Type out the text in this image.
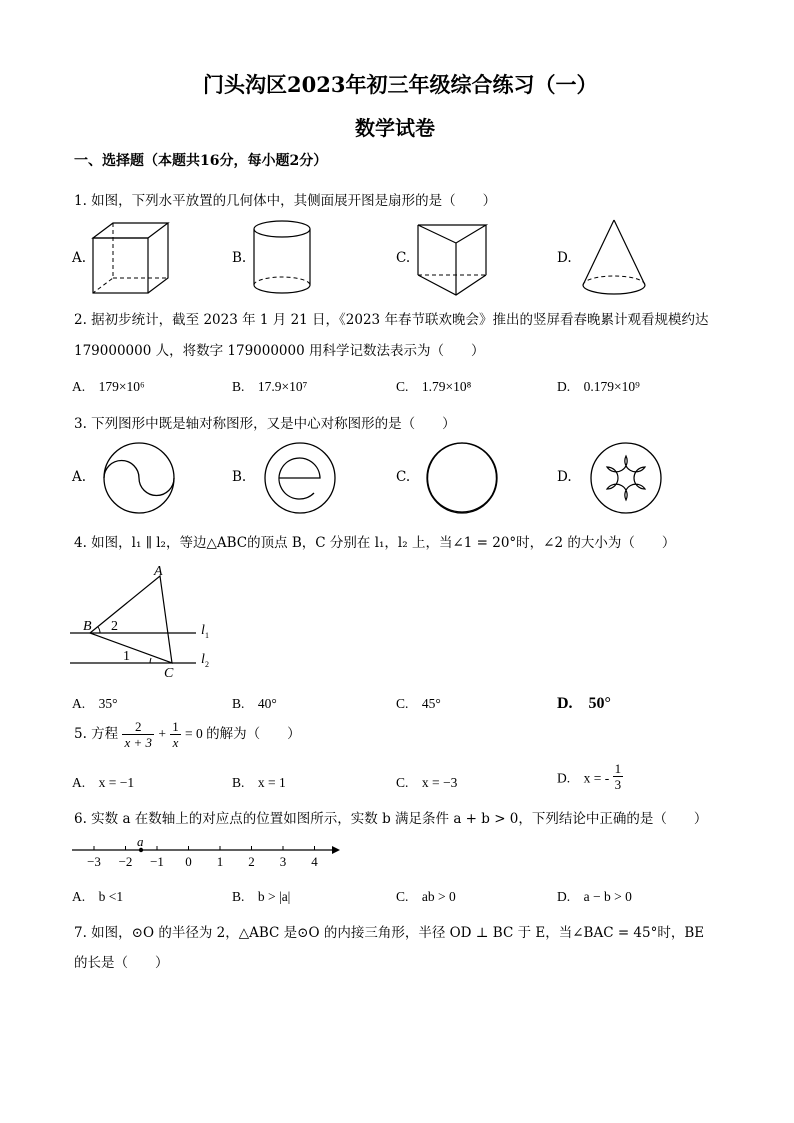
门头沟区2023年初三年级综合练习（一）
数学试卷
一、选择题（本题共16分，每小题2分）
1. 如图，下列水平放置的几何体中，其侧面展开图是扇形的是（　　）
A.	B.	C.	D.
2. 据初步统计，截至 2023 年 1 月 21 日，《2023 年春节联欢晚会》推出的竖屏看春晚累计观看规模约达
179000000 人，将数字 179000000 用科学记数法表示为（　　）
A.　179×10⁶	B.　17.9×10⁷	C.　1.79×10⁸	D.　0.179×10⁹
3. 下列图形中既是轴对称图形，又是中心对称图形的是（　　）
A.	B.	C.	D.
4. 如图，l₁ ∥ l₂，等边△ABC的顶点 B，C 分别在 l₁，l₂ 上，当∠1 = 20°时，∠2 的大小为（　　）
A
B
C
2
1
l 1
l 2
A.　35°	B.　40°	C.　45°	D.　50°
5. 方程 $\frac{2}{x + 3} + \frac{1}{x} = 0$ 的解为（　　）
A.　x = −1	B.　x = 1	C.　x = −3	D.　x = - $\frac{1}{3}$
6. 实数 a 在数轴上的对应点的位置如图所示，实数 b 满足条件 a + b > 0，下列结论中正确的是（　　）
−3 −2 −1 0 1 2 3 4
a
A.　b <1	B.　b > |a|	C.　ab > 0	D.　a − b > 0
7. 如图，⊙O 的半径为 2，△ABC 是⊙O 的内接三角形，半径 OD ⊥ BC 于 E，当∠BAC = 45°时，BE
的长是（　　）
